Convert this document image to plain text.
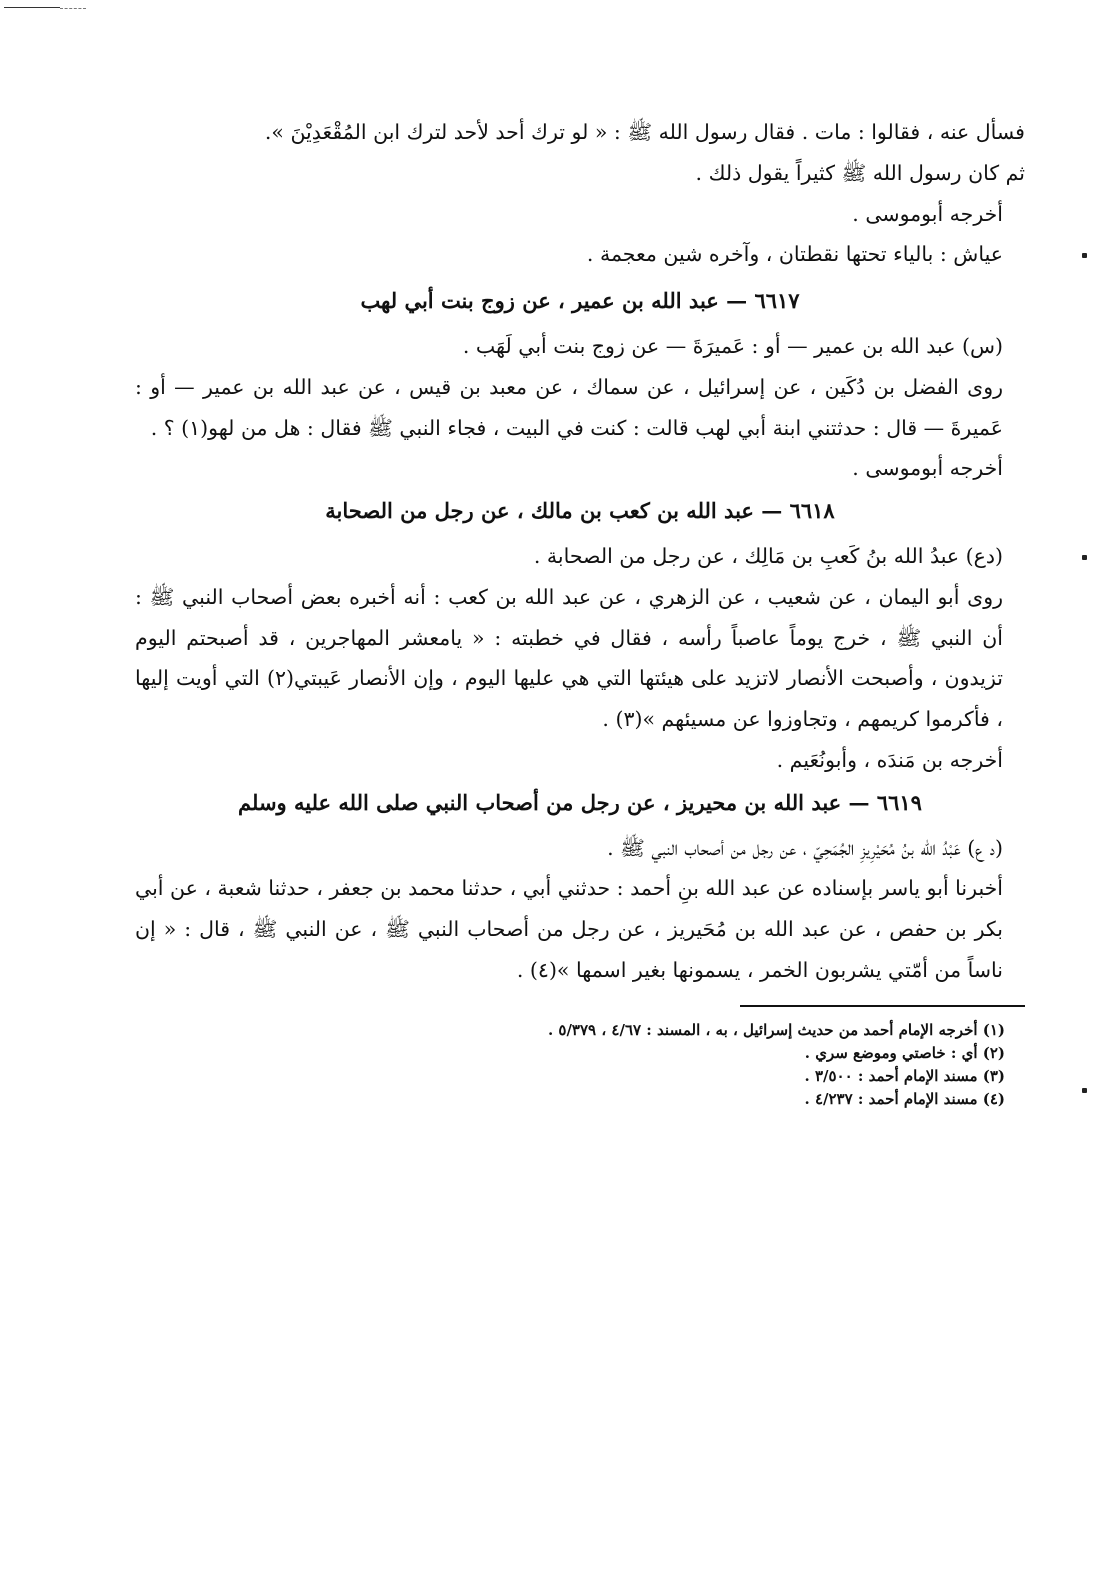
فسأل عنه ، فقالوا : مات . فقال رسول الله ﷺ : « لو ترك أحد لأحد لترك ابن المُقْعَدِيْنَ ».

ثم كان رسول الله ﷺ كثيراً يقول ذلك .

أخرجه أبوموسى .

عياش : بالياء تحتها نقطتان ، وآخره شين معجمة .

٦٦١٧ — عبد الله بن عمير ، عن زوج بنت أبي لهب

(س) عبد الله بن عمير — أو : عَميرَةَ — عن زوج بنت أبي لَهَب .

روى الفضل بن دُكَين ، عن إسرائيل ، عن سماك ، عن معبد بن قيس ، عن عبد الله بن عمير — أو : عَميرةَ — قال : حدثتني ابنة أبي لهب قالت : كنت في البيت ، فجاء النبي ﷺ فقال : هل من لهو(١) ؟ .

أخرجه أبوموسى .

٦٦١٨ — عبد الله بن كعب بن مالك ، عن رجل من الصحابة

(دع) عبدُ الله بنُ كَعبِ بن مَالِك ، عن رجل من الصحابة .

روى أبو اليمان ، عن شعيب ، عن الزهري ، عن عبد الله بن كعب : أنه أخبره بعض أصحاب النبي ﷺ : أن النبي ﷺ ، خرج يوماً عاصباً رأسه ، فقال في خطبته : « يامعشر المهاجرين ، قد أصبحتم اليوم تزيدون ، وأصبحت الأنصار لاتزيد على هيئتها التي هي عليها اليوم ، وإن الأنصار عَيبتي(٢) التي أويت إليها ، فأكرموا كريمهم ، وتجاوزوا عن مسيئهم »(٣) .

أخرجه بن مَندَه ، وأبونُعَيم .

٦٦١٩ — عبد الله بن محيريز ، عن رجل من أصحاب النبي صلى الله عليه وسلم

(د ع) عَبْدُ الله بنُ مُحَيْرِيزِ الجُمَحِيّ ، عن رجل من أصحاب النبي ﷺ .

أخبرنا أبو ياسر بإسناده عن عبد الله بنِ أحمد : حدثني أبي ، حدثنا محمد بن جعفر ، حدثنا شعبة ، عن أبي بكر بن حفص ، عن عبد الله بن مُحَيريز ، عن رجل من أصحاب النبي ﷺ ، عن النبي ﷺ ، قال : « إن ناساً من أمّتي يشربون الخمر ، يسمونها بغير اسمها »(٤) .

(١) أخرجه الإمام أحمد من حديث إسرائيل ، به ، المسند : ٤/٦٧ ، ٥/٣٧٩ .

(٢) أي : خاصتي وموضع سري .

(٣) مسند الإمام أحمد : ٣/٥٠٠ .

(٤) مسند الإمام أحمد : ٤/٢٣٧ .
